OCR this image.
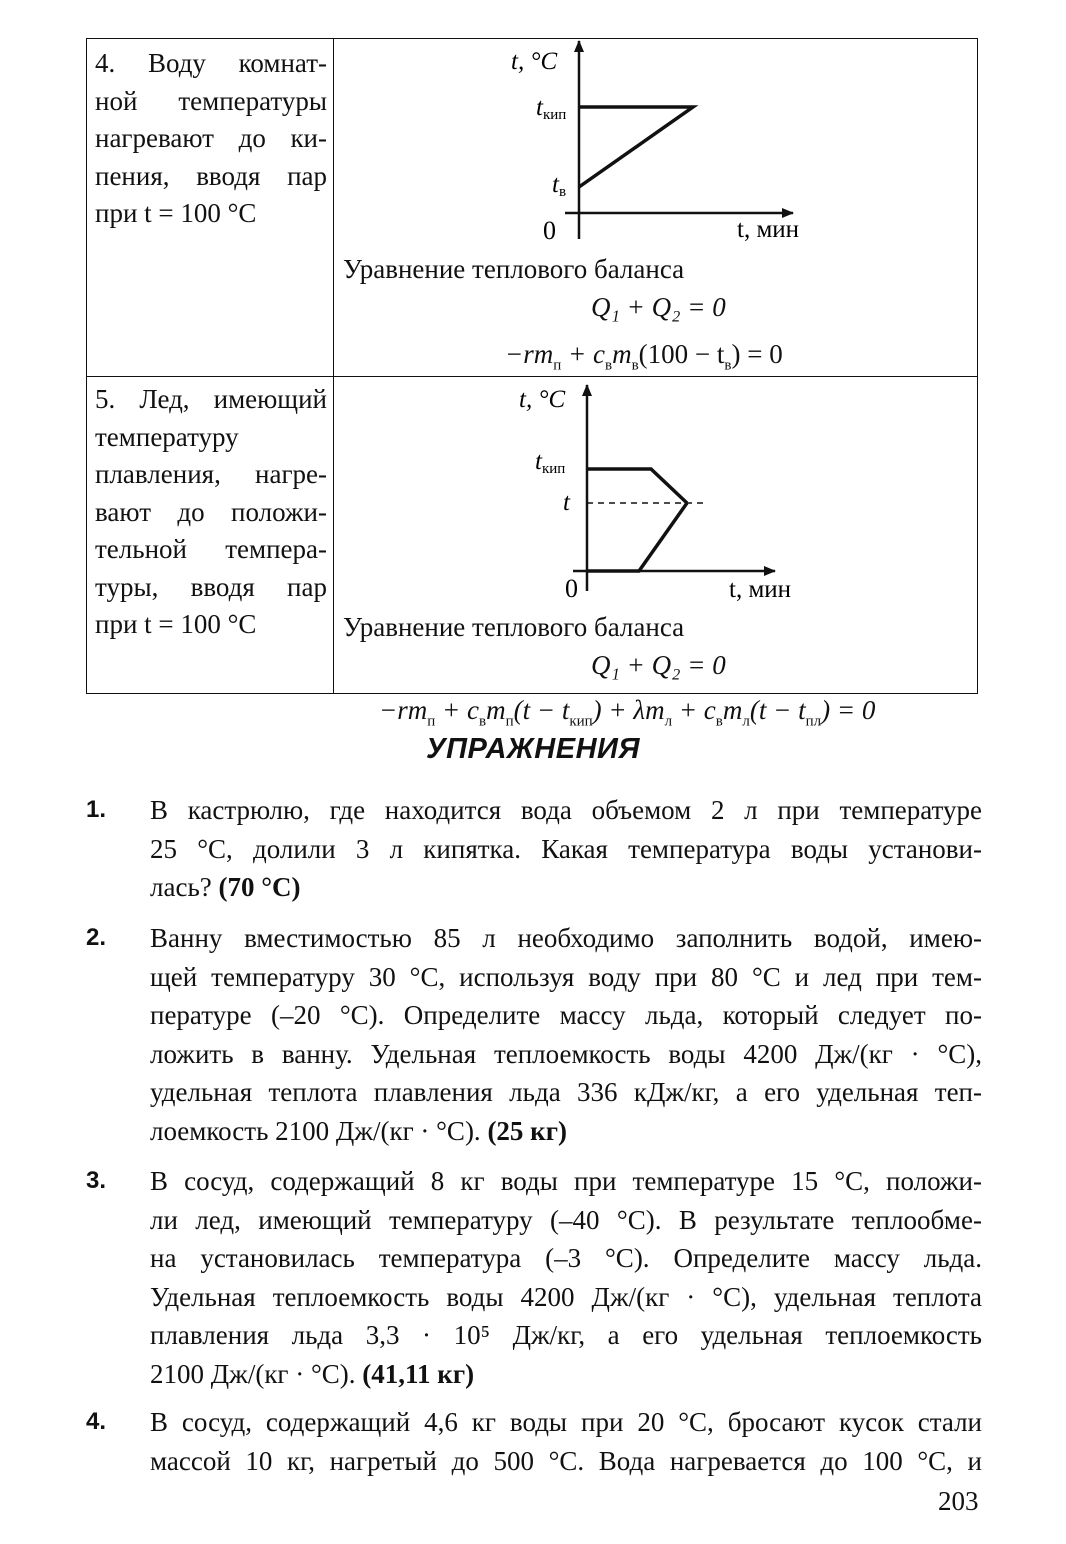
4. Воду комнат-
ной температуры
нагревают до ки-
пения, вводя пар
при t = 100 °C
t, °C
tкип
tв
0	t, мин
Уравнение теплового баланса
Q₁ + Q₂ = 0
$-rm_п + c_вm_в(100 - t_в) = 0$
5. Лед, имеющий
температуру
плавления, нагре-
вают до положи-
тельной темпера-
туры, вводя пар
при t = 100 °C
t, °C
tкип
t
0	t, мин
Уравнение теплового баланса
Q₁ + Q₂ = 0
$-rm_п + c_вm_п(t - t_{кип}) + \lambda m_л + c_вm_л(t - t_{пл}) = 0$
УПРАЖНЕНИЯ
1. В кастрюлю, где находится вода объемом 2 л при температуре
25 °C, долили 3 л кипятка. Какая температура воды установи-
лась? (70 °C)
2. Ванну вместимостью 85 л необходимо заполнить водой, имею-
щей температуру 30 °C, используя воду при 80 °C и лед при тем-
пературе (–20 °C). Определите массу льда, который следует по-
ложить в ванну. Удельная теплоемкость воды 4200 Дж/(кг · °C),
удельная теплота плавления льда 336 кДж/кг, а его удельная теп-
лоемкость 2100 Дж/(кг · °C). (25 кг)
3. В сосуд, содержащий 8 кг воды при температуре 15 °C, положи-
ли лед, имеющий температуру (–40 °C). В результате теплообме-
на установилась температура (–3 °C). Определите массу льда.
Удельная теплоемкость воды 4200 Дж/(кг · °C), удельная теплота
плавления льда 3,3 · 10⁵ Дж/кг, а его удельная теплоемкость
2100 Дж/(кг · °C). (41,11 кг)
4. В сосуд, содержащий 4,6 кг воды при 20 °C, бросают кусок стали
массой 10 кг, нагретый до 500 °C. Вода нагревается до 100 °C, и
203
